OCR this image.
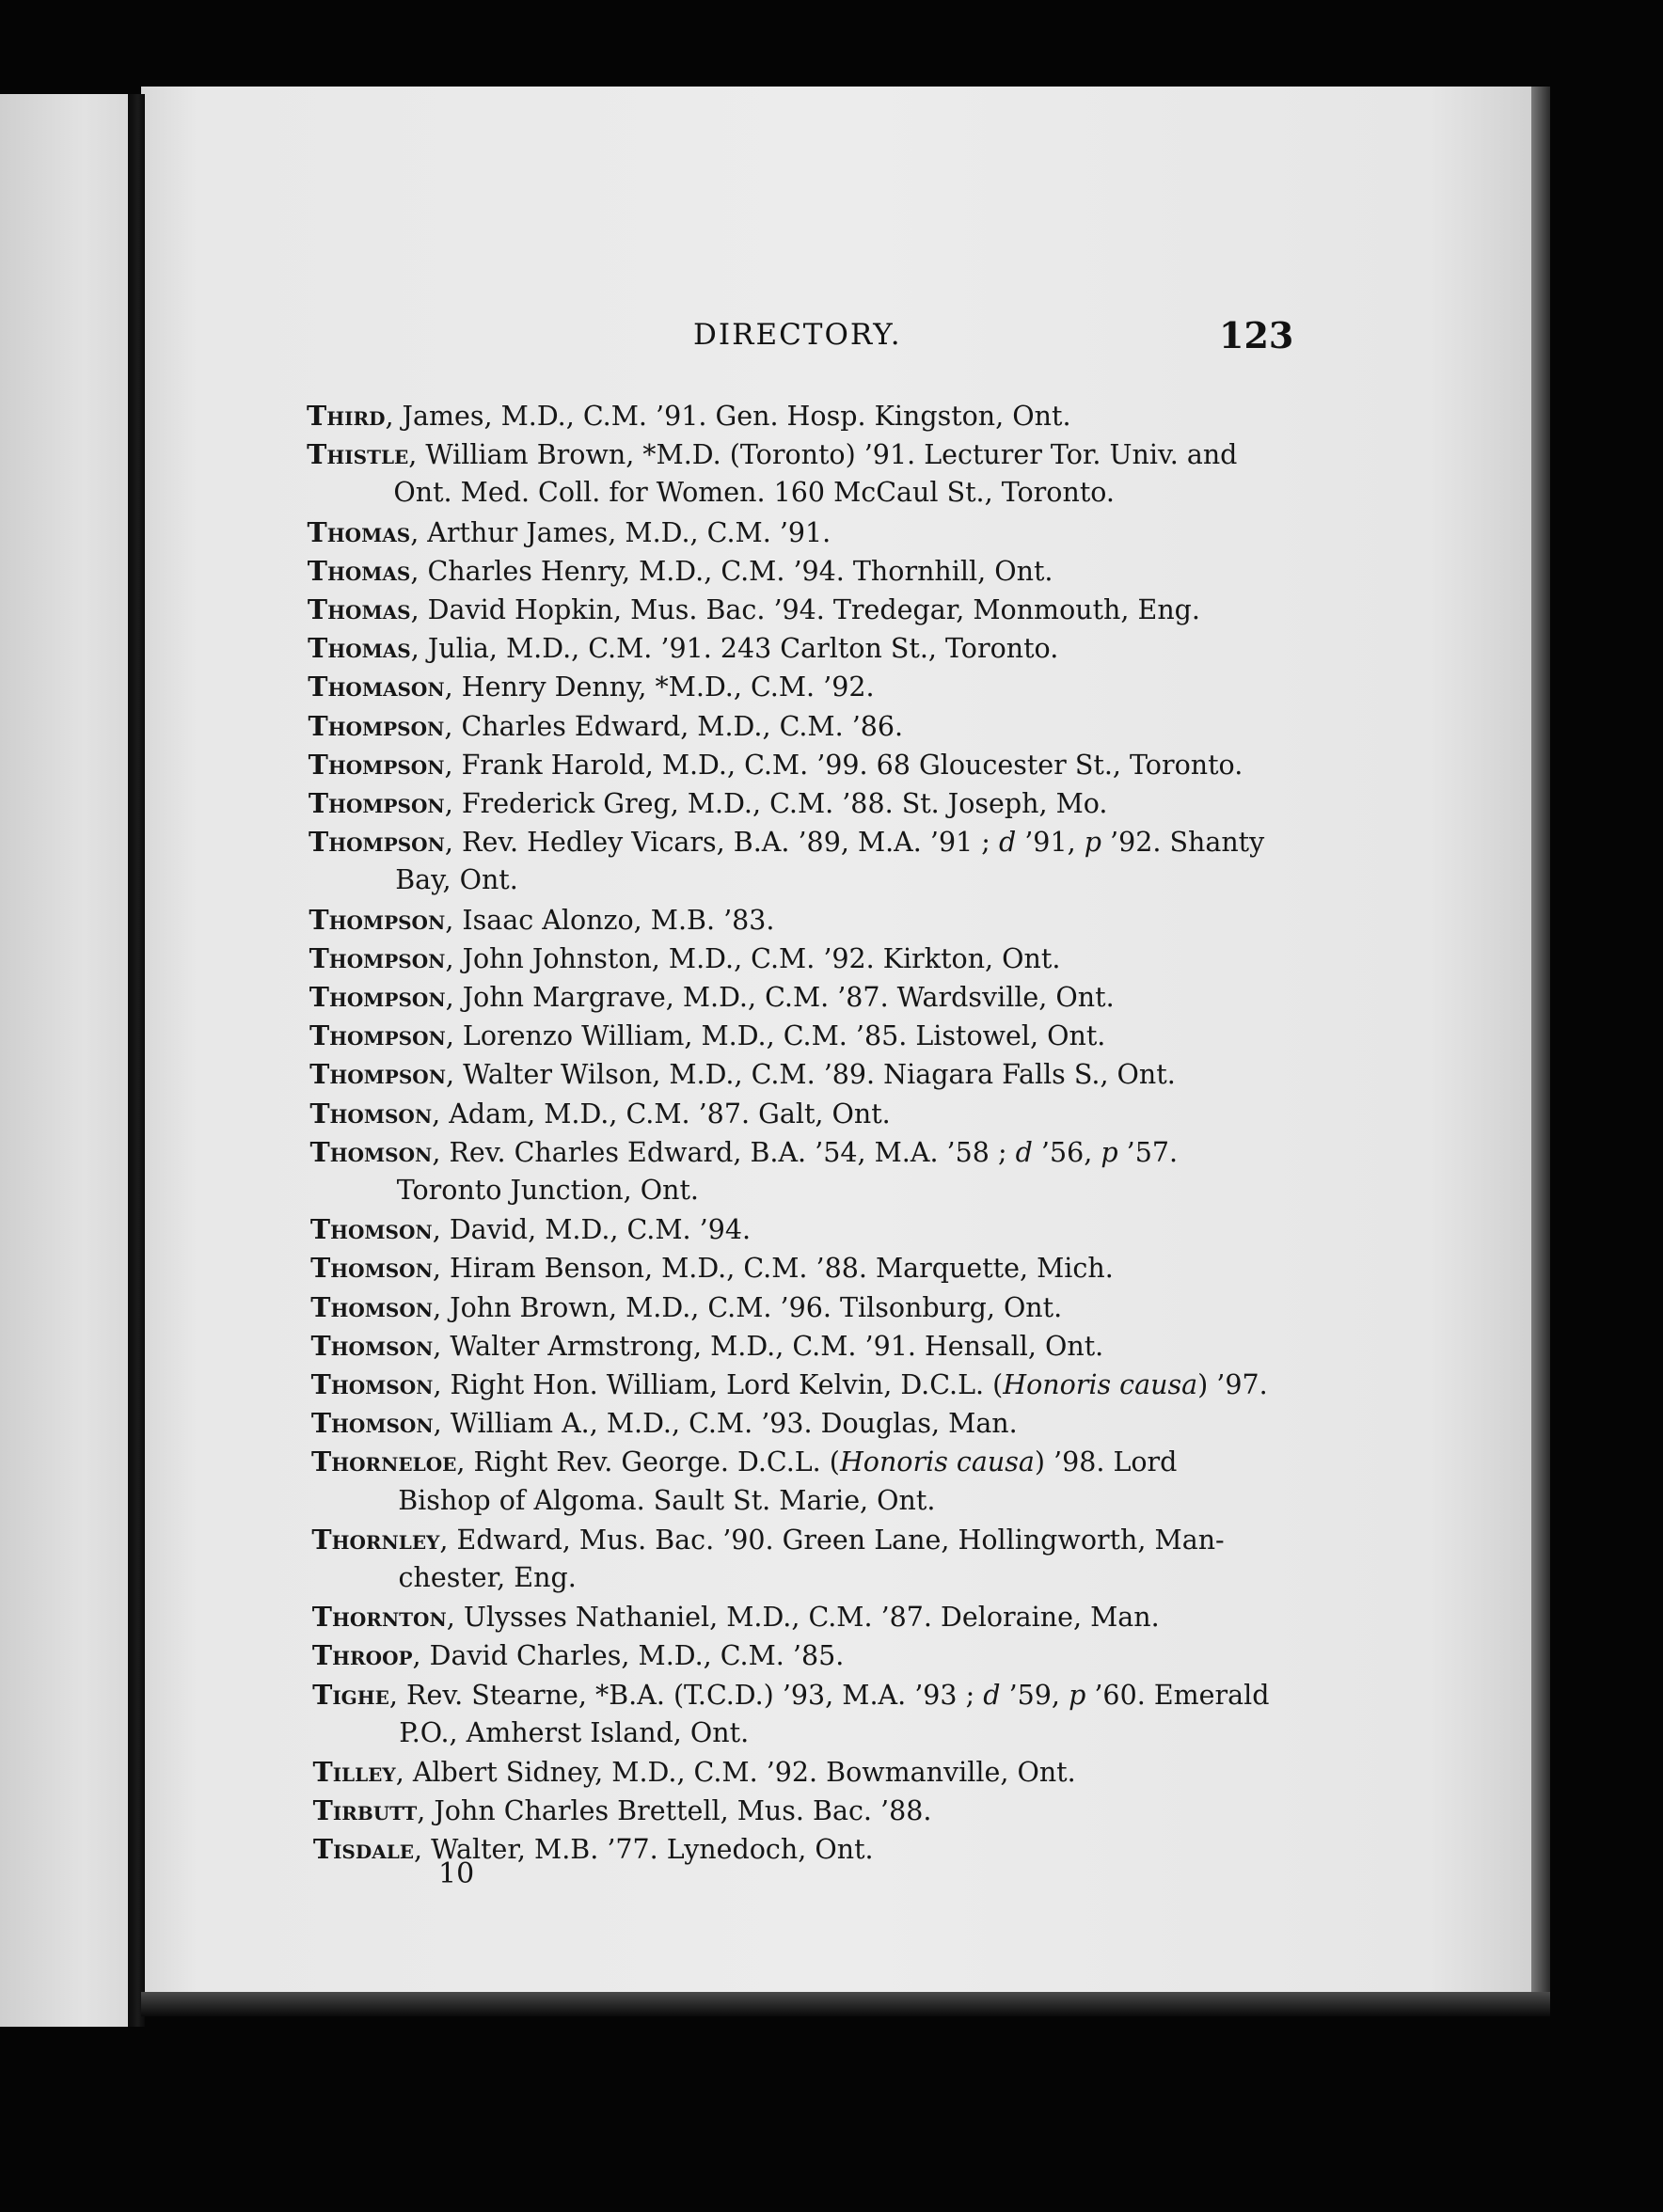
DIRECTORY.	123
Third, James, M.D., C.M. ’91. Gen. Hosp. Kingston, Ont.
Thistle, William Brown, *M.D. (Toronto) ’91. Lecturer Tor. Univ. and
Ont. Med. Coll. for Women. 160 McCaul St., Toronto.
Thomas, Arthur James, M.D., C.M. ’91.
Thomas, Charles Henry, M.D., C.M. ’94. Thornhill, Ont.
Thomas, David Hopkin, Mus. Bac. ’94. Tredegar, Monmouth, Eng.
Thomas, Julia, M.D., C.M. ’91. 243 Carlton St., Toronto.
Thomason, Henry Denny, *M.D., C.M. ’92.
Thompson, Charles Edward, M.D., C.M. ’86.
Thompson, Frank Harold, M.D., C.M. ’99. 68 Gloucester St., Toronto.
Thompson, Frederick Greg, M.D., C.M. ’88. St. Joseph, Mo.
Thompson, Rev. Hedley Vicars, B.A. ’89, M.A. ’91 ; d ’91, p ’92. Shanty
Bay, Ont.
Thompson, Isaac Alonzo, M.B. ’83.
Thompson, John Johnston, M.D., C.M. ’92. Kirkton, Ont.
Thompson, John Margrave, M.D., C.M. ’87. Wardsville, Ont.
Thompson, Lorenzo William, M.D., C.M. ’85. Listowel, Ont.
Thompson, Walter Wilson, M.D., C.M. ’89. Niagara Falls S., Ont.
Thomson, Adam, M.D., C.M. ’87. Galt, Ont.
Thomson, Rev. Charles Edward, B.A. ’54, M.A. ’58 ; d ’56, p ’57.
Toronto Junction, Ont.
Thomson, David, M.D., C.M. ’94.
Thomson, Hiram Benson, M.D., C.M. ’88. Marquette, Mich.
Thomson, John Brown, M.D., C.M. ’96. Tilsonburg, Ont.
Thomson, Walter Armstrong, M.D., C.M. ’91. Hensall, Ont.
Thomson, Right Hon. William, Lord Kelvin, D.C.L. (Honoris causa) ’97.
Thomson, William A., M.D., C.M. ’93. Douglas, Man.
Thorneloe, Right Rev. George. D.C.L. (Honoris causa) ’98. Lord
Bishop of Algoma. Sault St. Marie, Ont.
Thornley, Edward, Mus. Bac. ’90. Green Lane, Hollingworth, Man-
chester, Eng.
Thornton, Ulysses Nathaniel, M.D., C.M. ’87. Deloraine, Man.
Throop, David Charles, M.D., C.M. ’85.
Tighe, Rev. Stearne, *B.A. (T.C.D.) ’93, M.A. ’93 ; d ’59, p ’60. Emerald
P.O., Amherst Island, Ont.
Tilley, Albert Sidney, M.D., C.M. ’92. Bowmanville, Ont.
Tirbutt, John Charles Brettell, Mus. Bac. ’88.
Tisdale, Walter, M.B. ’77. Lynedoch, Ont.
10
